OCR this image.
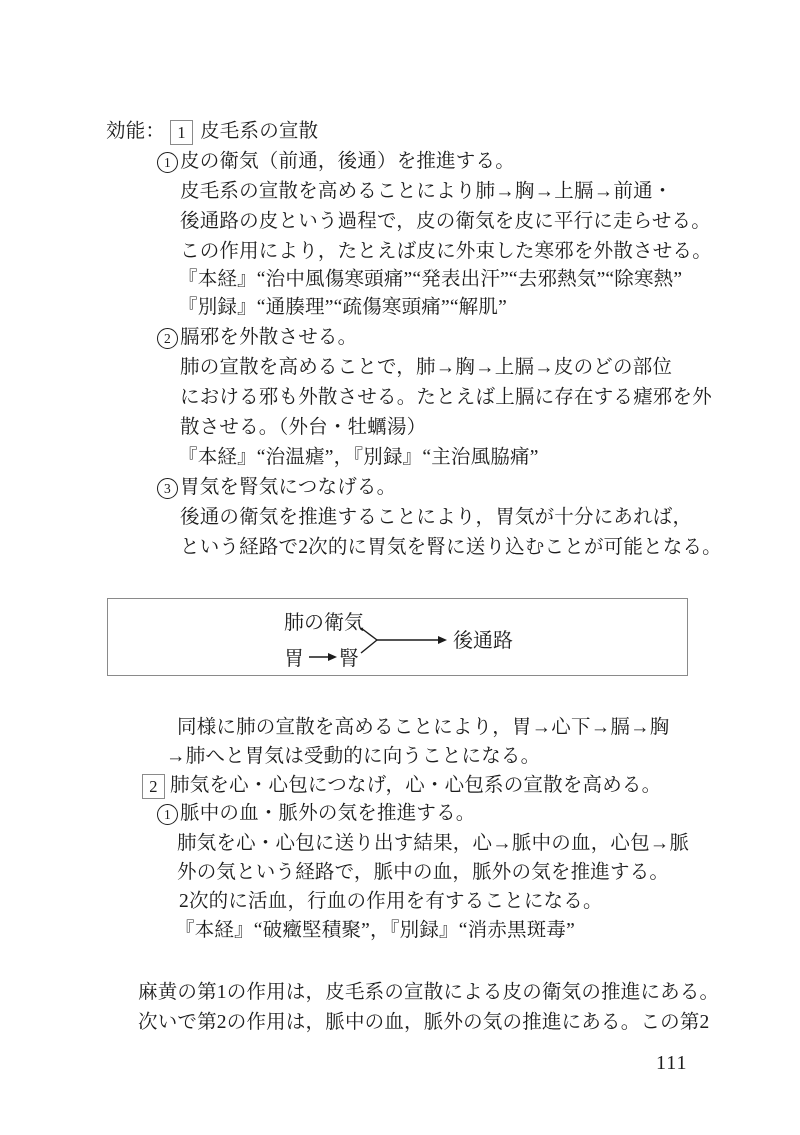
効能： 1 皮毛系の宣散
1 皮の衛気（前通，後通）を推進する。
皮毛系の宣散を高めることにより肺→胸→上膈→前通・
後通路の皮という過程で，皮の衛気を皮に平行に走らせる。
この作用により，たとえば皮に外束した寒邪を外散させる。
『本経』“治中風傷寒頭痛”“発表出汗”“去邪熱気”“除寒熱”
『別録』“通腠理”“疏傷寒頭痛”“解肌”
2 膈邪を外散させる。
肺の宣散を高めることで，肺→胸→上膈→皮のどの部位
における邪も外散させる。たとえば上膈に存在する瘧邪を外
散させる。（外台・牡蠣湯）
『本経』“治温瘧”，『別録』“主治風脇痛”
3 胃気を腎気につなげる。
後通の衛気を推進することにより，胃気が十分にあれば，
という経路で2次的に胃気を腎に送り込むことが可能となる。
肺の衛気
胃 腎
後通路
同様に肺の宣散を高めることにより，胃→心下→膈→胸
→肺へと胃気は受動的に向うことになる。
2 肺気を心・心包につなげ，心・心包系の宣散を高める。
1 脈中の血・脈外の気を推進する。
肺気を心・心包に送り出す結果，心→脈中の血，心包→脈
外の気という経路で，脈中の血，脈外の気を推進する。
2次的に活血，行血の作用を有することになる。
『本経』“破癥堅積聚”，『別録』“消赤黒斑毒”
麻黄の第1の作用は，皮毛系の宣散による皮の衛気の推進にある。
次いで第2の作用は，脈中の血，脈外の気の推進にある。この第2
111
